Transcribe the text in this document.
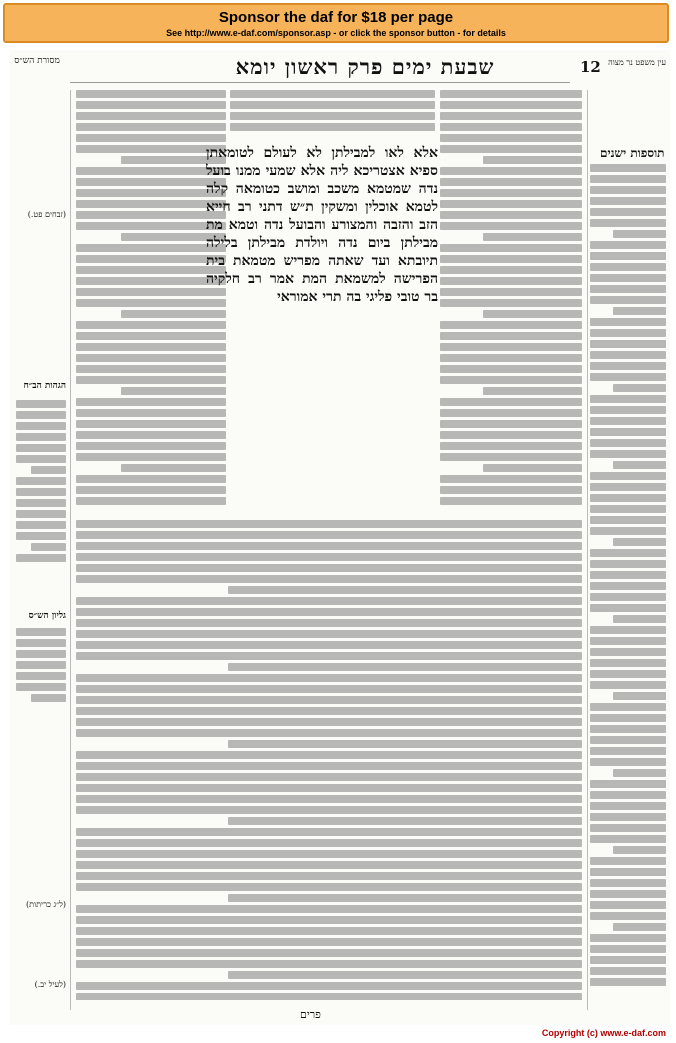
Sponsor the daf for $18 per page
See http://www.e-daf.com/sponsor.asp - or click the sponsor button - for details
12
שבעת ימים פרק ראשון יומא	עין משפט נר מצוה
מסורת הש״ס
תוספות ישנים
אלא לאו למבילתן לא לעולם לטומאתן ספיא אצטריכא ליה אלא שמעי ממנו בועל נדה שמטמא משכב ומושב כטומאה קלה לטמא אוכלין ומשקין ת״ש דתני רב חייא הזב והזבה והמצורע והבועל נדה וטמא מת מבילתן ביום נדה ויולדת מבילתן בלילה תיובתא ועד שאתה מפריש מטמאת בית הפרישה למשמאת המת אמר רב חלקיה בר טובי פליגי בה תרי אמוראי
(זבחים פט.)
הגהות הב״ח
גליון הש״ס
(ל״ג כריתות)
(לעיל יב.)
פרים
Copyright (c) www.e-daf.com
